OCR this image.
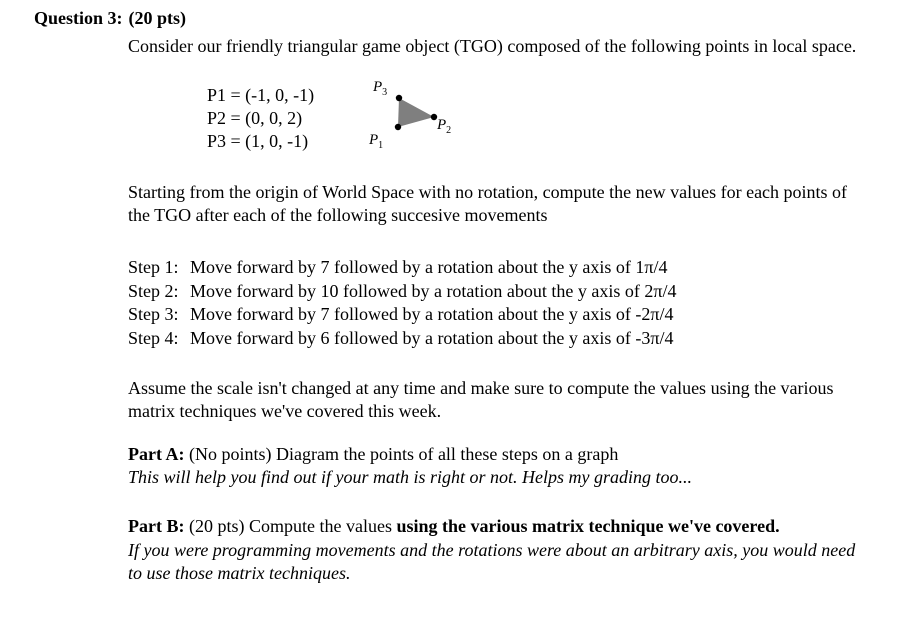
Question 3: (20 pts)
Consider our friendly triangular game object (TGO) composed of the following points in local space.
P1 = (-1, 0, -1)
P2 = (0, 0, 2)
P3 = (1, 0, -1)
$P_3$
$P_2$
$P_1$
Starting from the origin of World Space with no rotation, compute the new values for each points of
the TGO after each of the following succesive movements
Step 1: Move forward by 7 followed by a rotation about the y axis of 1π/4
Step 2: Move forward by 10 followed by a rotation about the y axis of 2π/4
Step 3: Move forward by 7 followed by a rotation about the y axis of -2π/4
Step 4: Move forward by 6 followed by a rotation about the y axis of -3π/4
Assume the scale isn't changed at any time and make sure to compute the values using the various
matrix techniques we've covered this week.
Part A: (No points) Diagram the points of all these steps on a graph
This will help you find out if your math is right or not. Helps my grading too...
Part B: (20 pts) Compute the values using the various matrix technique we've covered.
If you were programming movements and the rotations were about an arbitrary axis, you would need
to use those matrix techniques.
